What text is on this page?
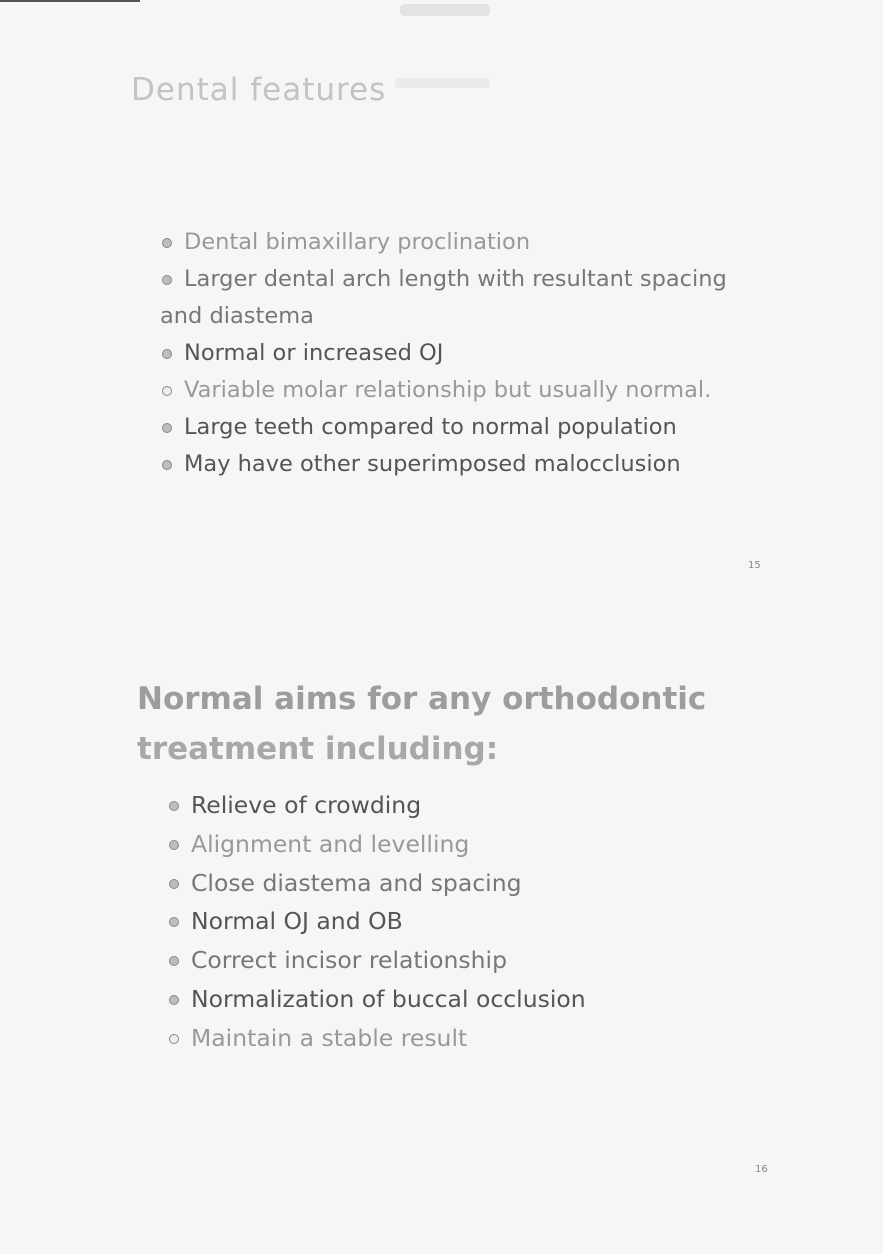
Dental features
Dental bimaxillary proclination
Larger dental arch length with resultant spacing
and diastema
Normal or increased OJ
Variable molar relationship but usually normal.
Large teeth compared to normal population
May have other superimposed malocclusion
15
Normal aims for any orthodontic
treatment including:
Relieve of crowding
Alignment and levelling
Close diastema and spacing
Normal OJ and OB
Correct incisor relationship
Normalization of buccal occlusion
Maintain a stable result
16
